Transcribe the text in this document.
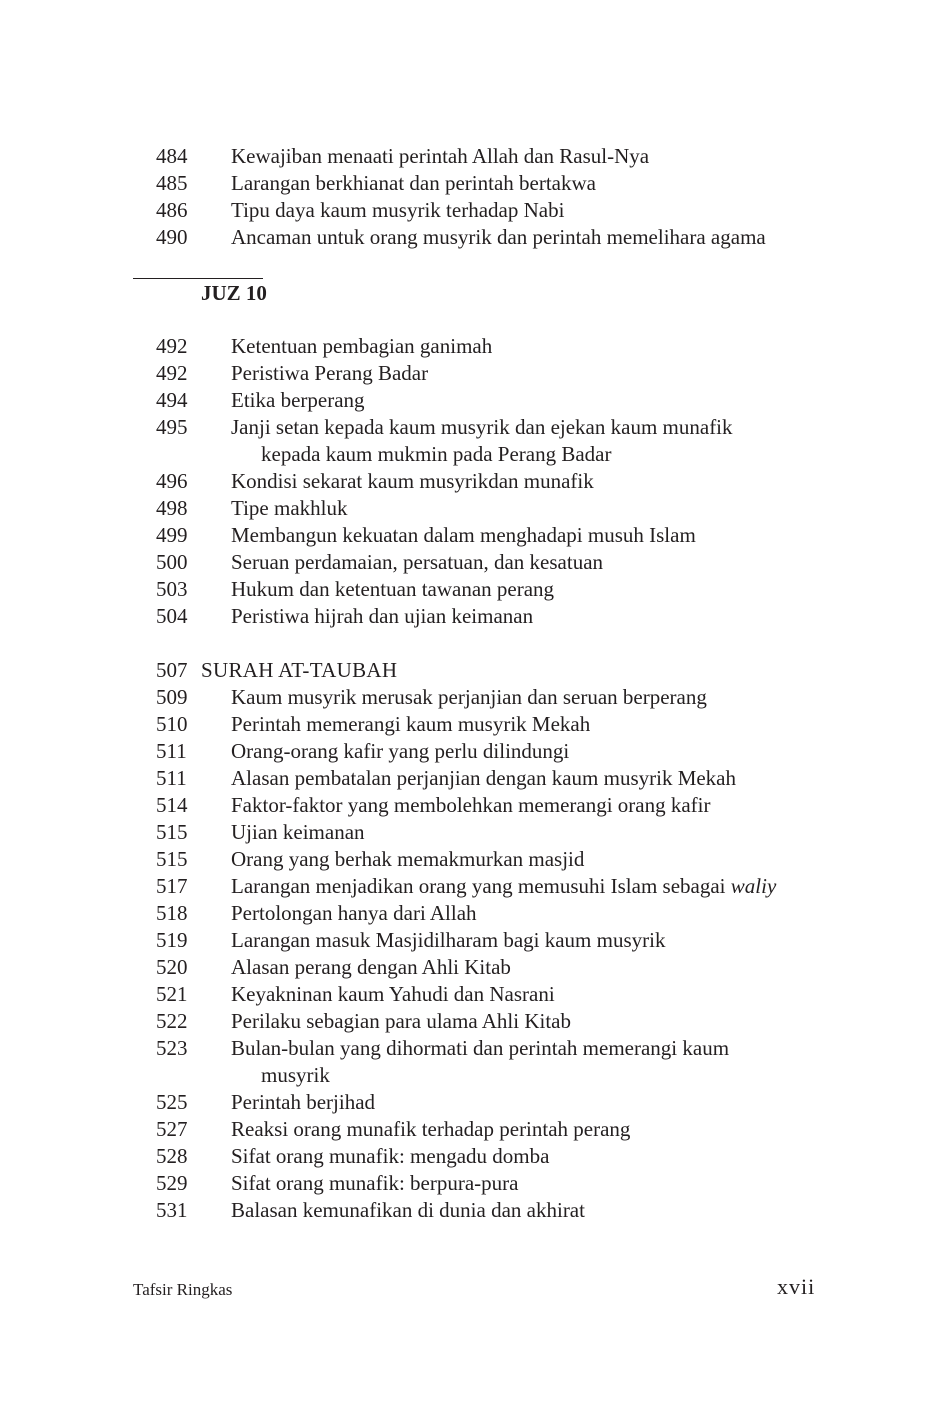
484 Kewajiban menaati perintah Allah dan Rasul-Nya
485 Larangan berkhianat dan perintah bertakwa
486 Tipu daya kaum musyrik terhadap Nabi
490 Ancaman untuk orang musyrik dan perintah memelihara agama
JUZ 10
492 Ketentuan pembagian ganimah
492 Peristiwa Perang Badar
494 Etika berperang
495 Janji setan kepada kaum musyrik dan ejekan kaum munafik
kepada kaum mukmin pada Perang Badar
496 Kondisi sekarat kaum musyrikdan munafik
498 Tipe makhluk
499 Membangun kekuatan dalam menghadapi musuh Islam
500 Seruan perdamaian, persatuan, dan kesatuan
503 Hukum dan ketentuan tawanan perang
504 Peristiwa hijrah dan ujian keimanan
507 SURAH AT-TAUBAH

509 Kaum musyrik merusak perjanjian dan seruan berperang
510 Perintah memerangi kaum musyrik Mekah
511 Orang-orang kafir yang perlu dilindungi
511 Alasan pembatalan perjanjian dengan kaum musyrik Mekah
514 Faktor-faktor yang membolehkan memerangi orang kafir
515 Ujian keimanan
515 Orang yang berhak memakmurkan masjid
517 Larangan menjadikan orang yang memusuhi Islam sebagai waliy
518 Pertolongan hanya dari Allah
519 Larangan masuk Masjidilharam bagi kaum musyrik
520 Alasan perang dengan Ahli Kitab
521 Keyakninan kaum Yahudi dan Nasrani
522 Perilaku sebagian para ulama Ahli Kitab
523 Bulan-bulan yang dihormati dan perintah memerangi kaum
musyrik
525 Perintah berjihad
527 Reaksi orang munafik terhadap perintah perang
528 Sifat orang munafik: mengadu domba
529 Sifat orang munafik: berpura-pura
531 Balasan kemunafikan di dunia dan akhirat
Tafsir Ringkas	xvii
